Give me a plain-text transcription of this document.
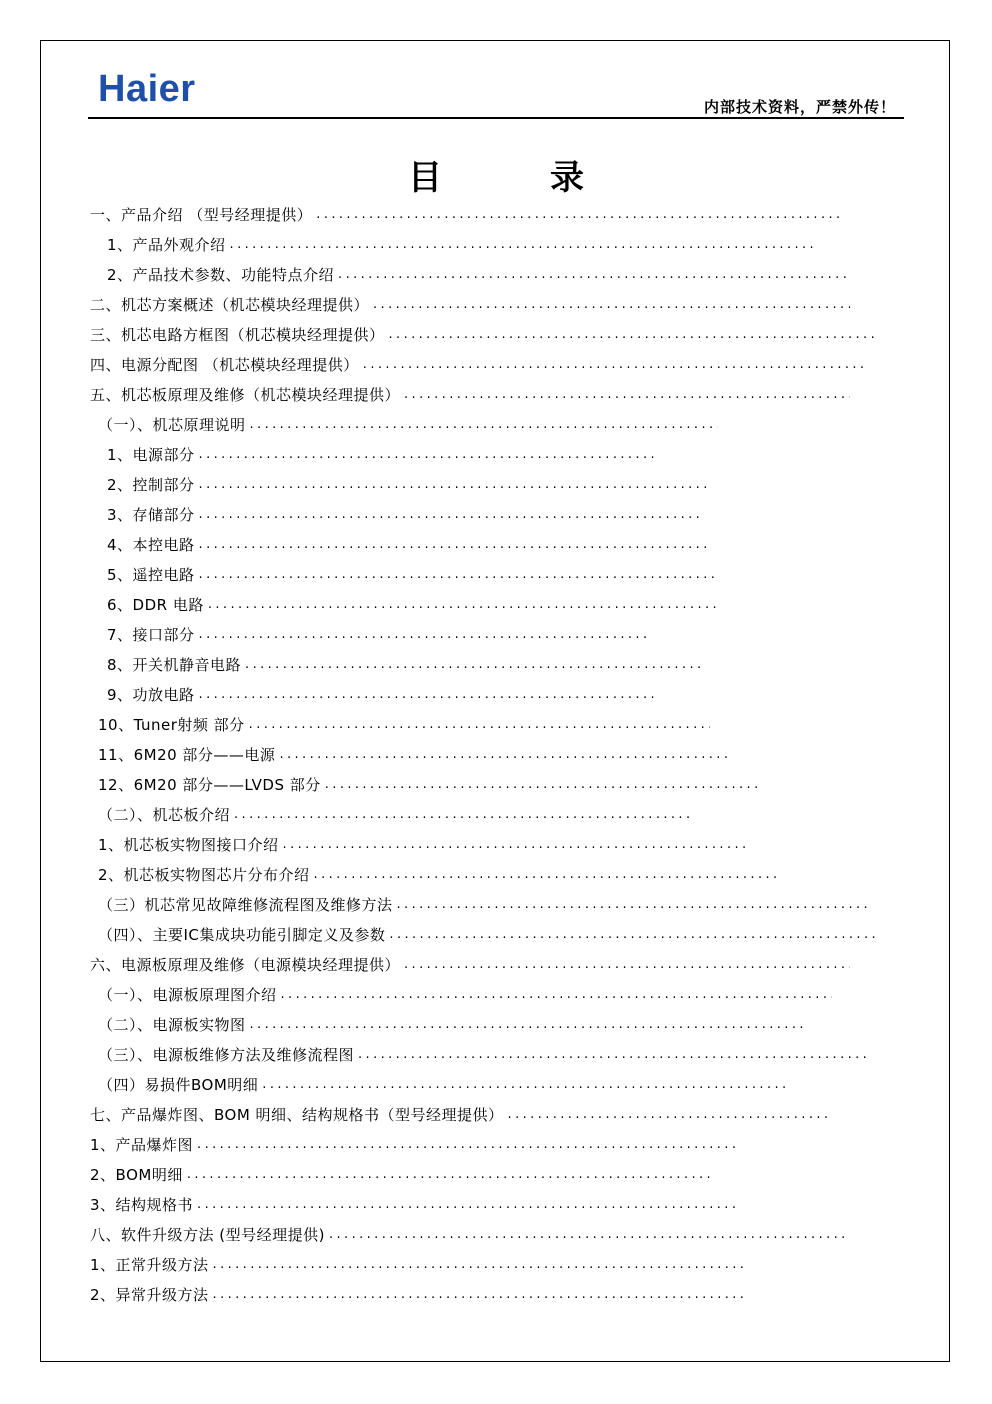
Haier	内部技术资料，严禁外传！
目录
一、产品介绍 （型号经理提供）
.....
1、产品外观介绍
.....
2、产品技术参数、功能特点介绍
.....
二、机芯方案概述（机芯模块经理提供）
.....
三、机芯电路方框图（机芯模块经理提供）
.....
四、电源分配图 （机芯模块经理提供）
.....
五、机芯板原理及维修（机芯模块经理提供）
.....
（一）、机芯原理说明
.....
1、电源部分
.....
2、控制部分
.....
3、存储部分
.....
4、本控电路
.....
5、遥控电路
.....
6、DDR 电路
.....
7、接口部分
.....
8、开关机静音电路
.....
9、功放电路
.....
10、Tuner射频 部分
.....
11、6M20 部分——电源
.....
12、6M20 部分——LVDS 部分
.....
（二）、机芯板介绍
.....
1、机芯板实物图接口介绍
.....
2、机芯板实物图芯片分布介绍
.....
（三）机芯常见故障维修流程图及维修方法
.....
（四）、主要IC集成块功能引脚定义及参数
.....
六、电源板原理及维修（电源模块经理提供）
.....
（一）、电源板原理图介绍
.....
（二）、电源板实物图
.....
（三）、电源板维修方法及维修流程图
.....
（四）易损件BOM明细
.....
七、产品爆炸图、BOM 明细、结构规格书（型号经理提供）
.....
1、产品爆炸图
.....
2、BOM明细
.....
3、结构规格书
.....
八、软件升级方法 (型号经理提供)
.....
1、正常升级方法
.....
2、异常升级方法
.....
